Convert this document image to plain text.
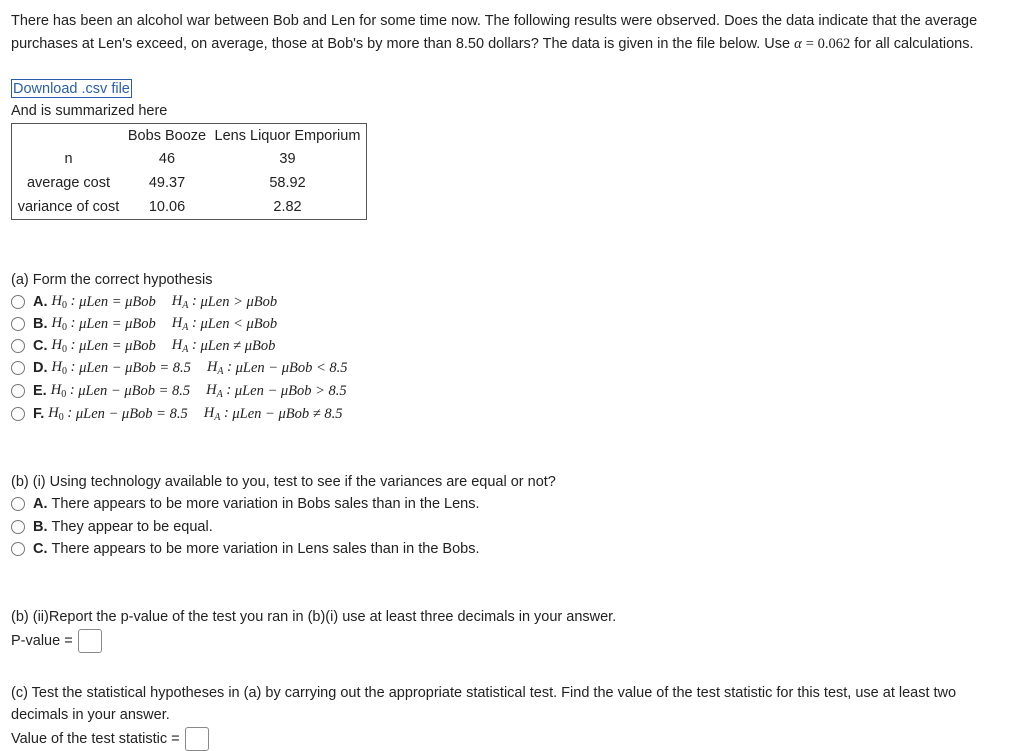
There has been an alcohol war between Bob and Len for some time now. The following results were observed. Does the data indicate that the average purchases at Len's exceed, on average, those at Bob's by more than 8.50 dollars? The data is given in the file below. Use α = 0.062 for all calculations.
Download .csv file
And is summarized here
	Bobs Booze	Lens Liquor Emporium
n	46	39
average cost	49.37	58.92
variance of cost	10.06	2.82
(a) Form the correct hypothesis
A. $H_0$ : μLen = μBob $H_A$ : μLen > μBob
B. $H_0$ : μLen = μBob $H_A$ : μLen < μBob
C. $H_0$ : μLen = μBob $H_A$ : μLen ≠ μBob
D. $H_0$ : μLen − μBob = 8.5 $H_A$ : μLen − μBob < 8.5
E. $H_0$ : μLen − μBob = 8.5 $H_A$ : μLen − μBob > 8.5
F. $H_0$ : μLen − μBob = 8.5 $H_A$ : μLen − μBob ≠ 8.5
(b) (i) Using technology available to you, test to see if the variances are equal or not?
A. There appears to be more variation in Bobs sales than in the Lens.
B. They appear to be equal.
C. There appears to be more variation in Lens sales than in the Bobs.
(b) (ii)Report the p-value of the test you ran in (b)(i) use at least three decimals in your answer.
P-value =
(c) Test the statistical hypotheses in (a) by carrying out the appropriate statistical test. Find the value of the test statistic for this test, use at least two decimals in your answer.
Value of the test statistic =
